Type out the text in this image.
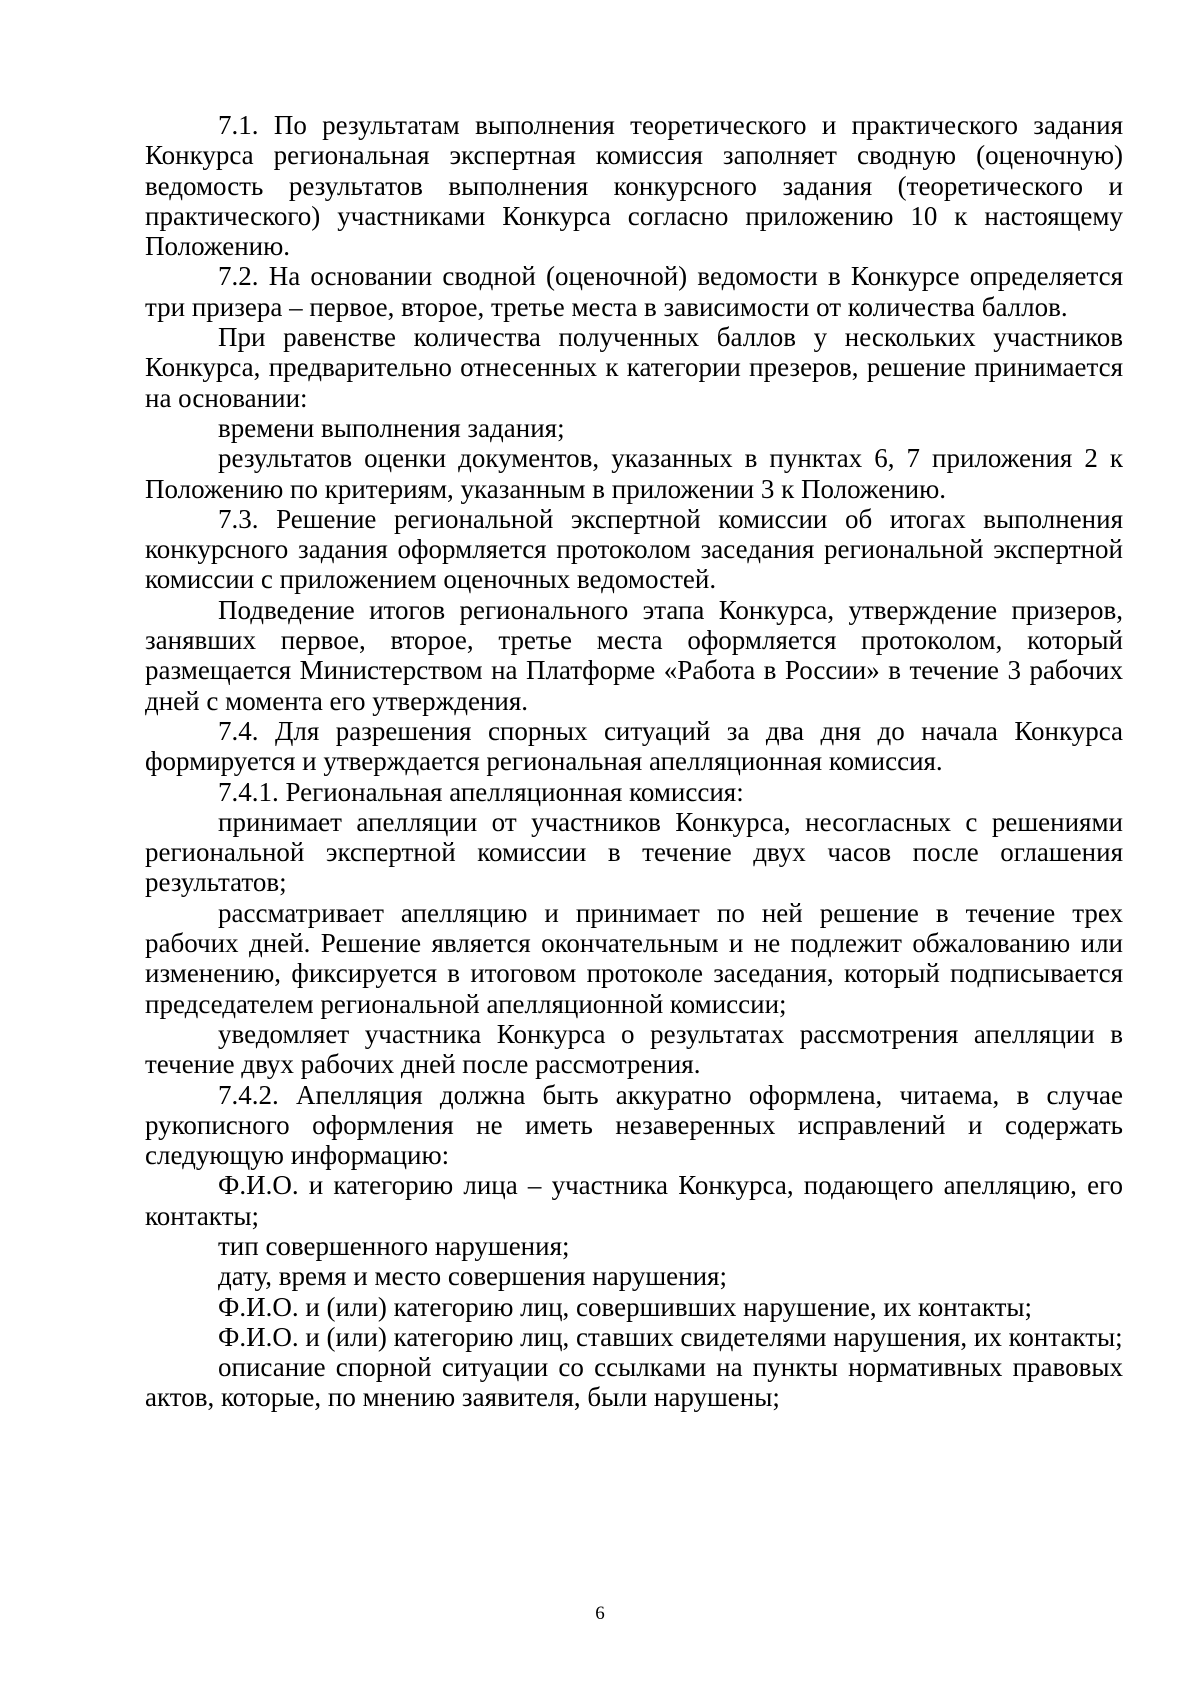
7.1. По результатам выполнения теоретического и практического задания Конкурса региональная экспертная комиссия заполняет сводную (оценочную) ведомость результатов выполнения конкурсного задания (теоретического и практического) участниками Конкурса согласно приложению 10 к настоящему Положению.

7.2. На основании сводной (оценочной) ведомости в Конкурсе определяется три призера – первое, второе, третье места в зависимости от количества баллов.

При равенстве количества полученных баллов у нескольких участников Конкурса, предварительно отнесенных к категории презеров, решение принимается на основании:

времени выполнения задания;

результатов оценки документов, указанных в пунктах 6, 7 приложения 2 к Положению по критериям, указанным в приложении 3 к Положению.

7.3. Решение региональной экспертной комиссии об итогах выполнения конкурсного задания оформляется протоколом заседания региональной экспертной комиссии с приложением оценочных ведомостей.

Подведение итогов регионального этапа Конкурса, утверждение призеров, занявших первое, второе, третье места оформляется протоколом, который размещается Министерством на Платформе «Работа в России» в течение 3 рабочих дней с момента его утверждения.

7.4. Для разрешения спорных ситуаций за два дня до начала Конкурса формируется и утверждается региональная апелляционная комиссия.

7.4.1. Региональная апелляционная комиссия:

принимает апелляции от участников Конкурса, несогласных с решениями региональной экспертной комиссии в течение двух часов после оглашения результатов;

рассматривает апелляцию и принимает по ней решение в течение трех рабочих дней. Решение является окончательным и не подлежит обжалованию или изменению, фиксируется в итоговом протоколе заседания, который подписывается председателем региональной апелляционной комиссии;

уведомляет участника Конкурса о результатах рассмотрения апелляции в течение двух рабочих дней после рассмотрения.

7.4.2. Апелляция должна быть аккуратно оформлена, читаема, в случае рукописного оформления не иметь незаверенных исправлений и содержать следующую информацию:

Ф.И.О. и категорию лица – участника Конкурса, подающего апелляцию, его контакты;

тип совершенного нарушения;

дату, время и место совершения нарушения;

Ф.И.О. и (или) категорию лиц, совершивших нарушение, их контакты;

Ф.И.О. и (или) категорию лиц, ставших свидетелями нарушения, их контакты;

описание спорной ситуации со ссылками на пункты нормативных правовых актов, которые, по мнению заявителя, были нарушены;

6
